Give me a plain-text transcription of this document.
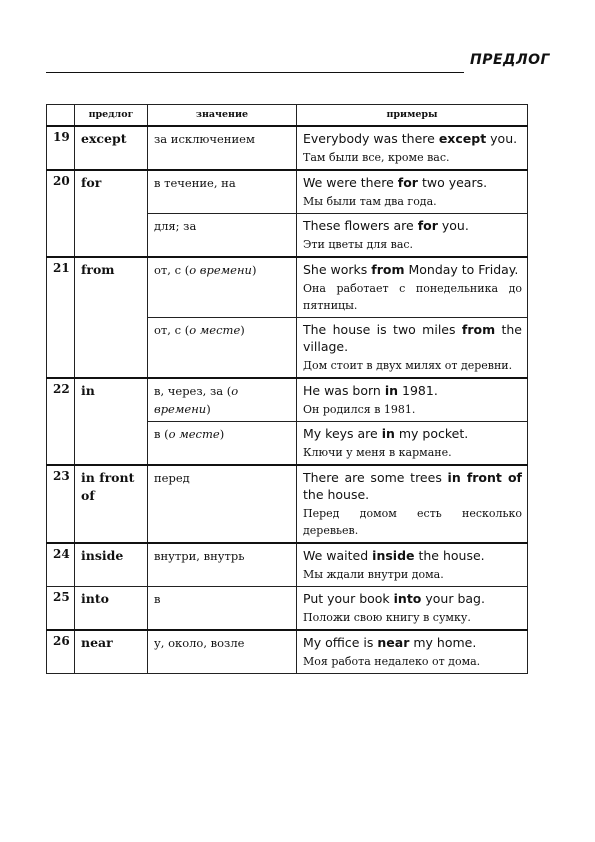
ПРЕДЛОГ
	предлог	значение	примеры
19	except	за исключением	Everybody was there except you.
Там были все, кроме вас.

20	for	в течение, на	We were there for two years.
Мы были там два года.

		для; за	These flowers are for you.
Эти цветы для вас.

21	from	от, с (о времени)	She works from Monday to Friday.
Она работает с понедельника до пятницы.

		от, с (о месте)	The house is two miles from the village.
Дом стоит в двух милях от деревни.

22	in	в, через, за (о времени)	He was born in 1981.
Он родился в 1981.

		в (о месте)	My keys are in my pocket.
Ключи у меня в кармане.

23	in front of	перед	There are some trees in front of the house.
Перед домом есть несколько деревьев.

24	inside	внутри, внутрь	We waited inside the house.
Мы ждали внутри дома.

25	into	в	Put your book into your bag.
Положи свою книгу в сумку.

26	near	у, около, возле	My office is near my home.
Моя работа недалеко от дома.
